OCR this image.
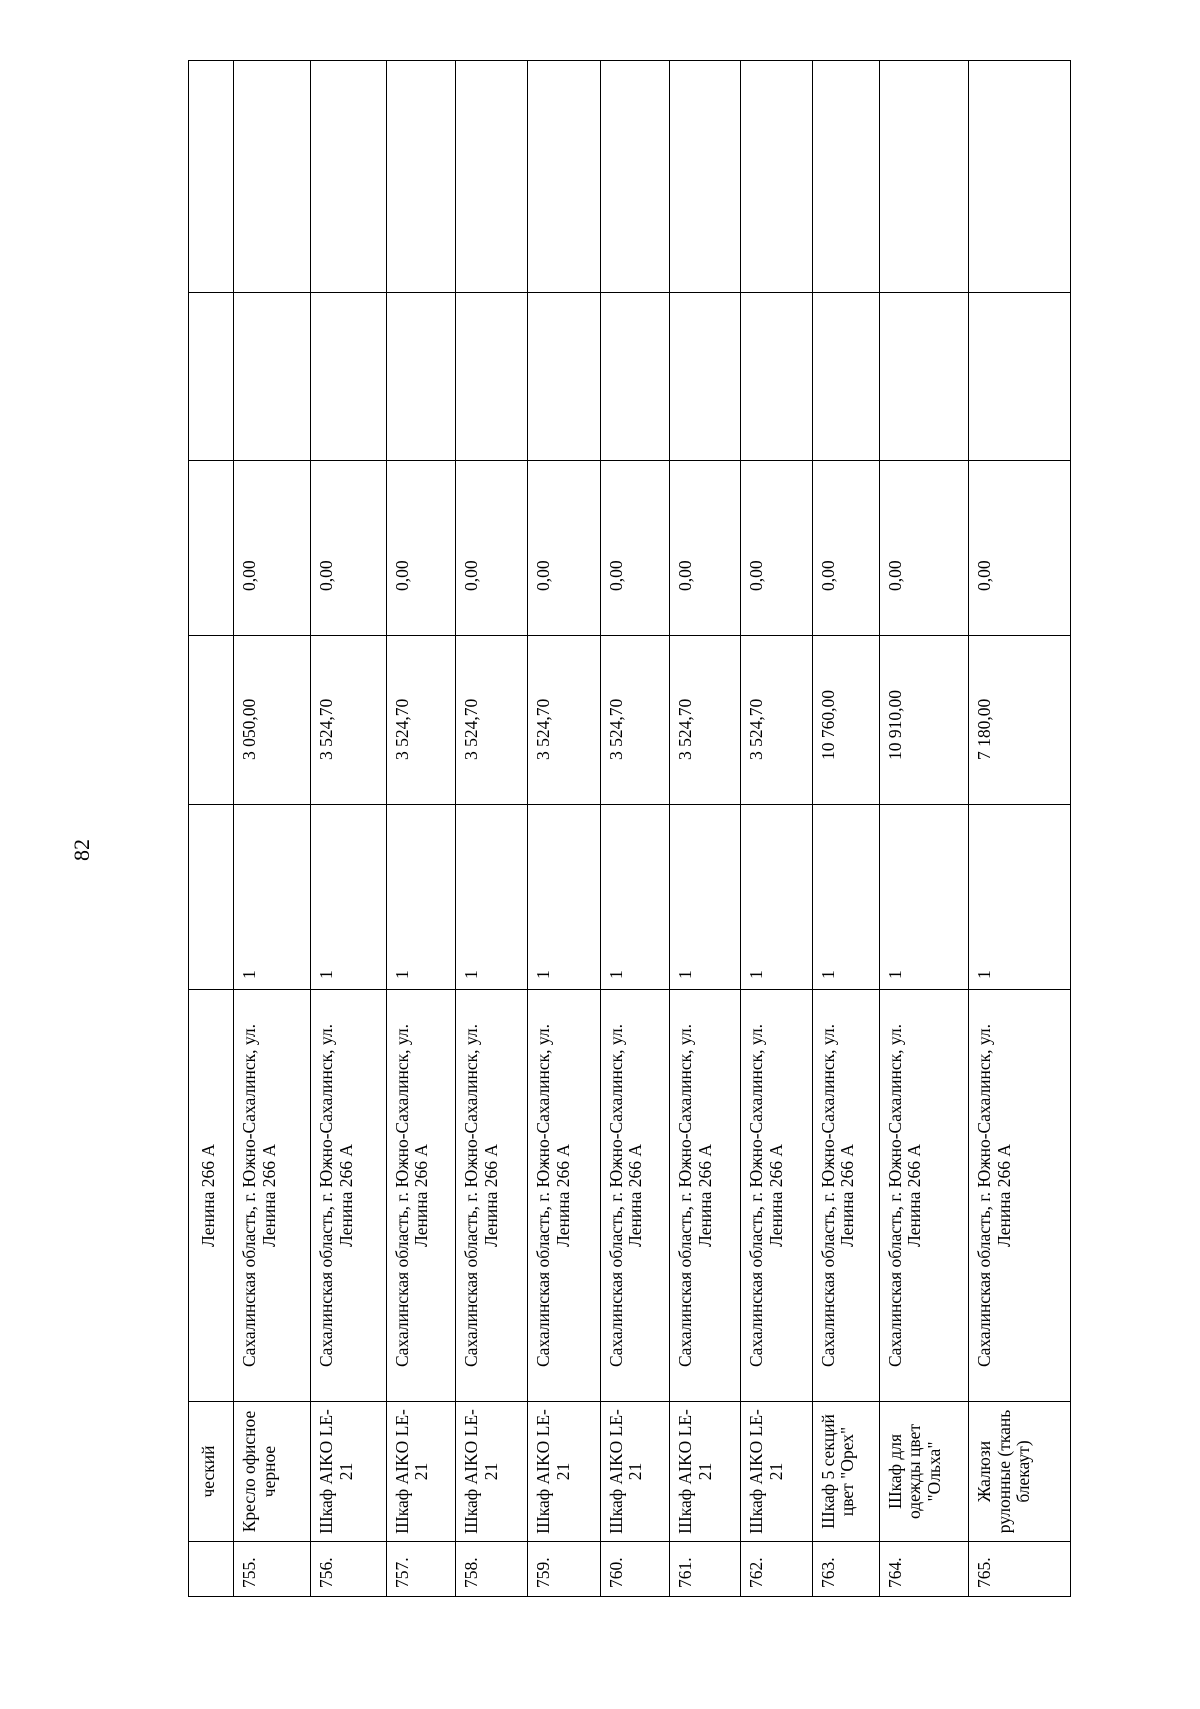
82
	ческий	Ленина 266 А					
755.	Кресло офисное черное	Сахалинская область, г. Южно-Сахалинск, ул. Ленина 266 А	1	3 050,00	0,00		
756.	Шкаф AIKO LE-21	Сахалинская область, г. Южно-Сахалинск, ул. Ленина 266 А	1	3 524,70	0,00		
757.	Шкаф AIKO LE-21	Сахалинская область, г. Южно-Сахалинск, ул. Ленина 266 А	1	3 524,70	0,00		
758.	Шкаф AIKO LE-21	Сахалинская область, г. Южно-Сахалинск, ул. Ленина 266 А	1	3 524,70	0,00		
759.	Шкаф AIKO LE-21	Сахалинская область, г. Южно-Сахалинск, ул. Ленина 266 А	1	3 524,70	0,00		
760.	Шкаф AIKO LE-21	Сахалинская область, г. Южно-Сахалинск, ул. Ленина 266 А	1	3 524,70	0,00		
761.	Шкаф AIKO LE-21	Сахалинская область, г. Южно-Сахалинск, ул. Ленина 266 А	1	3 524,70	0,00		
762.	Шкаф AIKO LE-21	Сахалинская область, г. Южно-Сахалинск, ул. Ленина 266 А	1	3 524,70	0,00		
763.	Шкаф 5 секций цвет "Орех"	Сахалинская область, г. Южно-Сахалинск, ул. Ленина 266 А	1	10 760,00	0,00		
764.	Шкаф для одежды цвет "Ольха"	Сахалинская область, г. Южно-Сахалинск, ул. Ленина 266 А	1	10 910,00	0,00		
765.	Жалюзи рулонные (ткань блекаут)	Сахалинская область, г. Южно-Сахалинск, ул. Ленина 266 А	1	7 180,00	0,00		
